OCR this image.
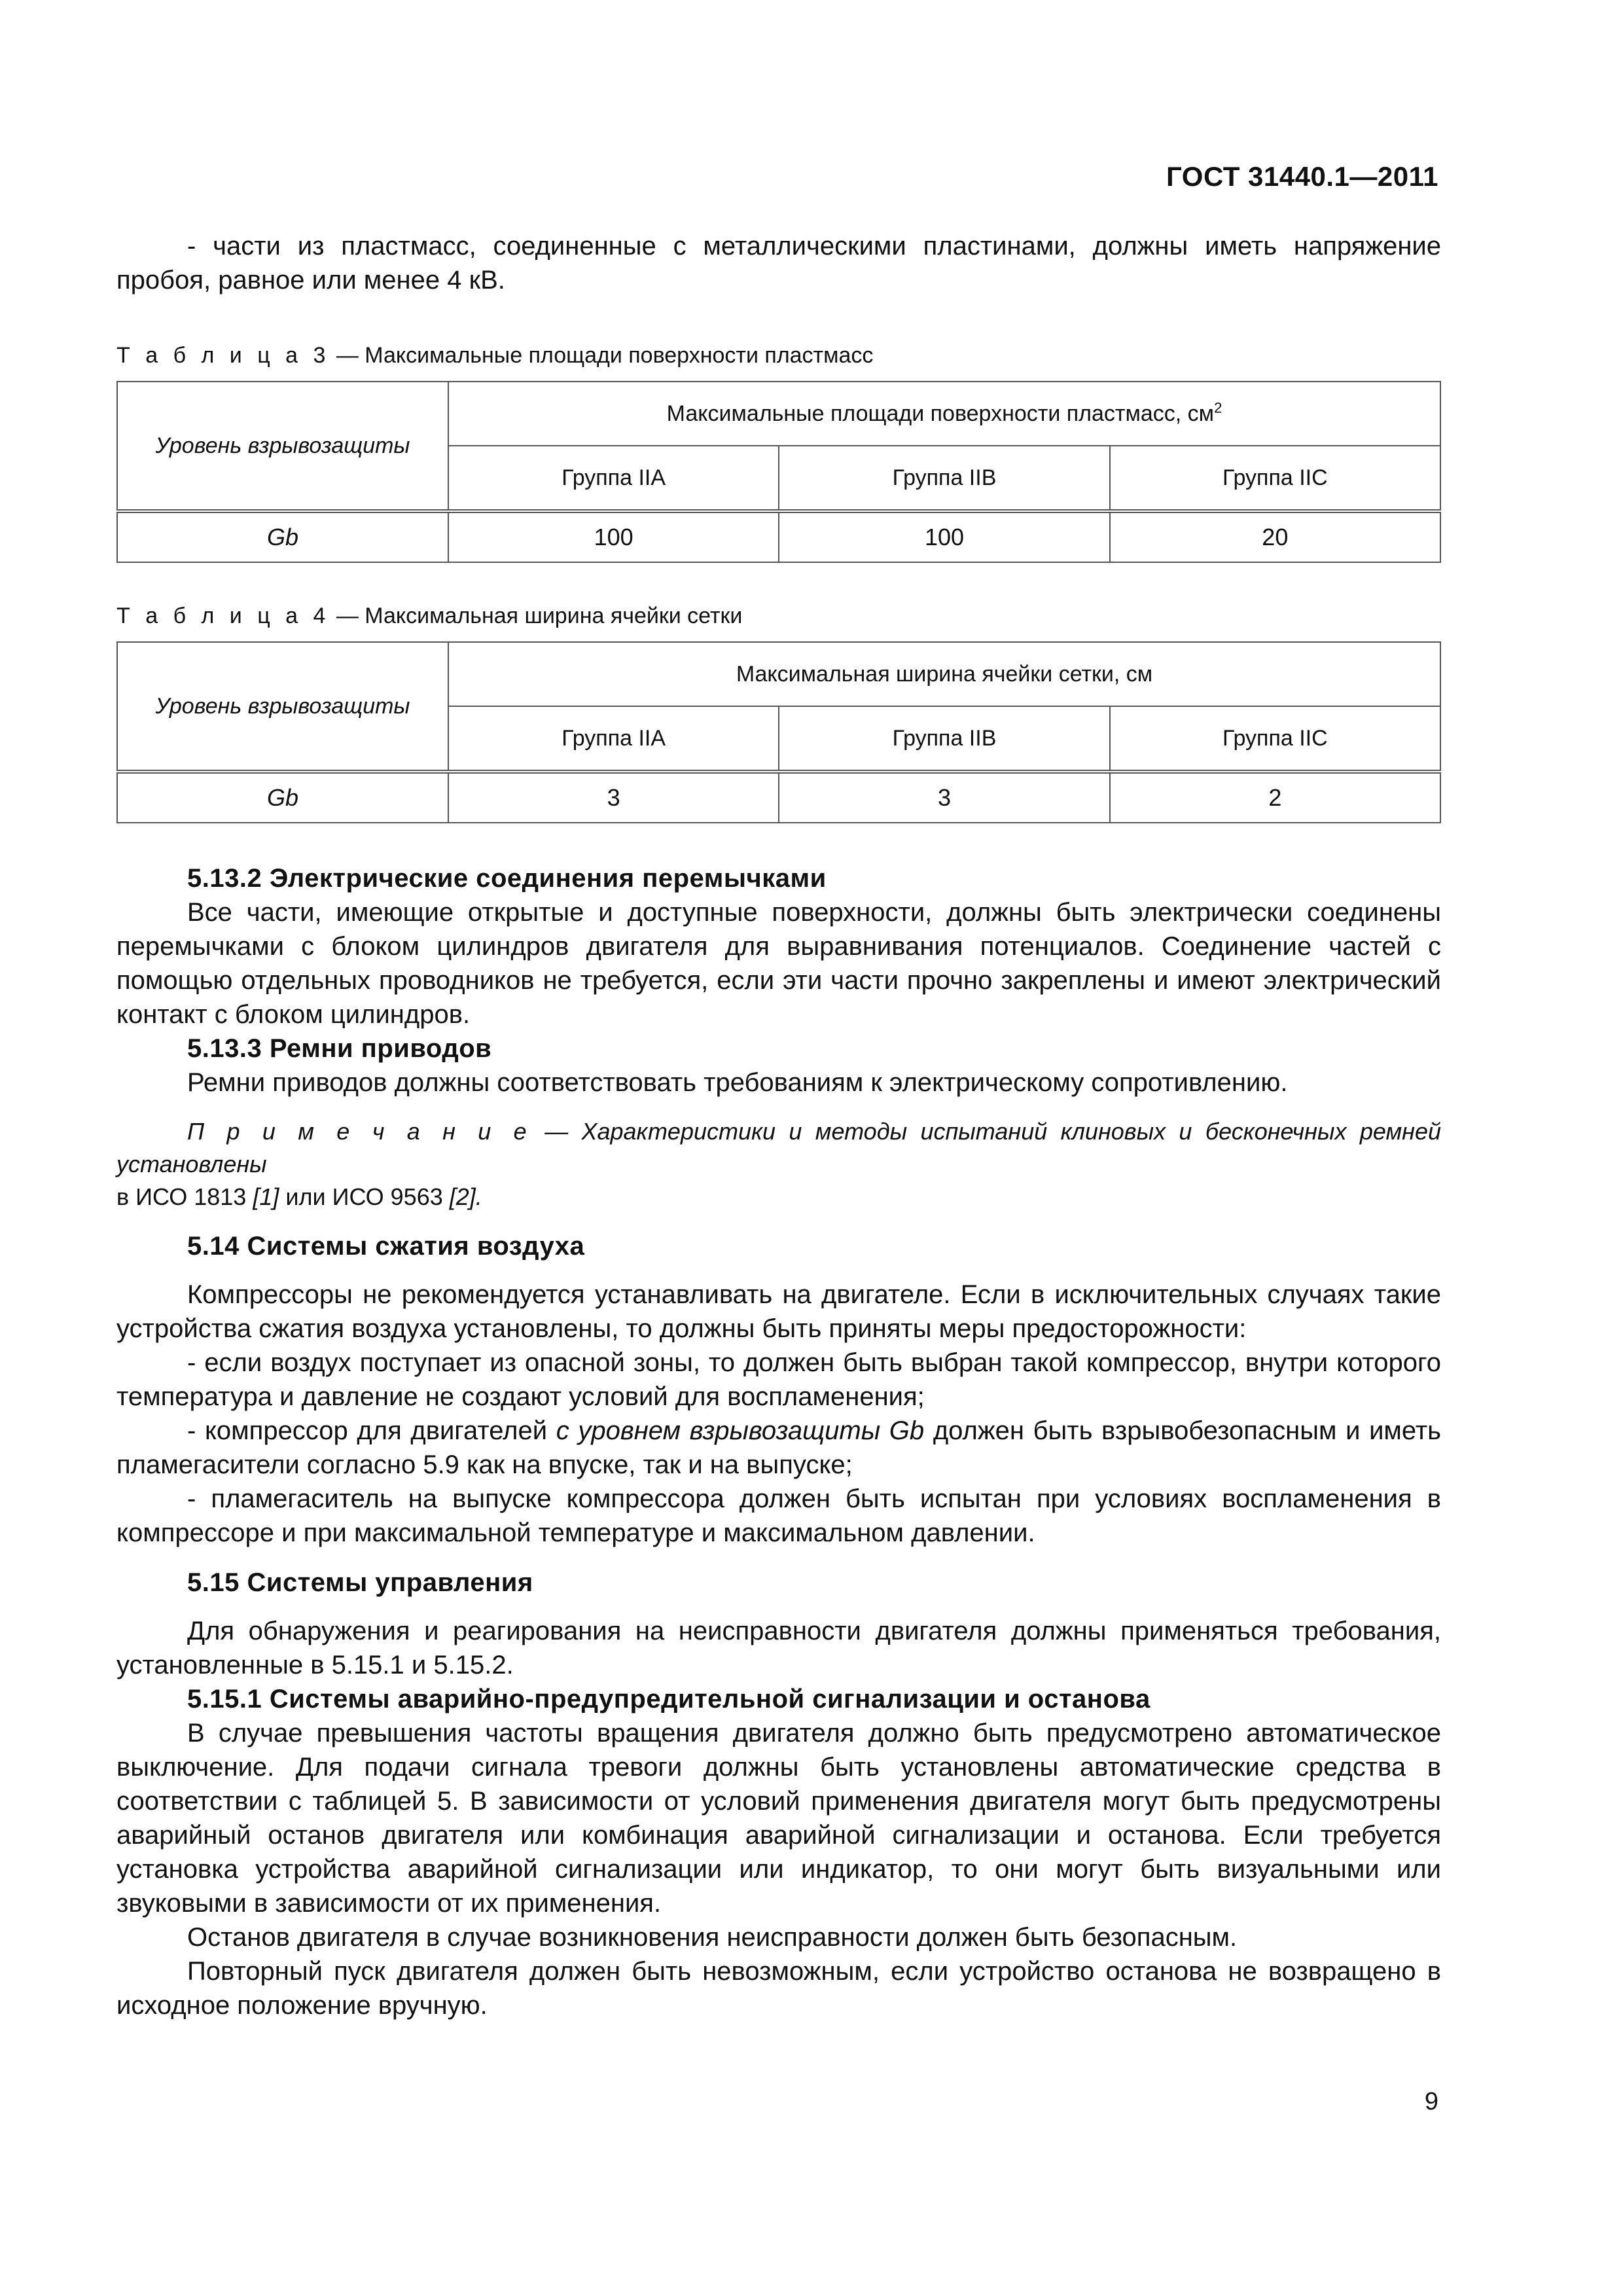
ГОСТ 31440.1—2011

- части из пластмасс, соединенные с металлическими пластинами, должны иметь напряжение пробоя, равное или менее 4 кВ.

Т а б л и ц а 3 — Максимальные площади поверхности пластмасс

Уровень взрывозащиты	Максимальные площади поверхности пластмасс, $см^2$
	Группа IIA	Группа IIB	Группа IIC
Gb	100	100	20

Т а б л и ц а 4 — Максимальная ширина ячейки сетки

Уровень взрывозащиты	Максимальная ширина ячейки сетки, см		
	Группа IIA	Группа IIB	Группа IIC
Gb	3	3	2
5.13.2 Электрические соединения перемычками

Все части, имеющие открытые и доступные поверхности, должны быть электрически соединены перемычками с блоком цилиндров двигателя для выравнивания потенциалов. Соединение частей с помощью отдельных проводников не требуется, если эти части прочно закреплены и имеют электрический контакт с блоком цилиндров.

5.13.3 Ремни приводов

Ремни приводов должны соответствовать требованиям к электрическому сопротивлению.

П р и м е ч а н и е — Характеристики и методы испытаний клиновых и бесконечных ремней установлены
в ИСО 1813 [1] или ИСО 9563 [2].

5.14 Системы сжатия воздуха

Компрессоры не рекомендуется устанавливать на двигателе. Если в исключительных случаях такие устройства сжатия воздуха установлены, то должны быть приняты меры предосторожности:

- если воздух поступает из опасной зоны, то должен быть выбран такой компрессор, внутри которого температура и давление не создают условий для воспламенения;

- компрессор для двигателей с уровнем взрывозащиты Gb должен быть взрывобезопасным и иметь пламегасители согласно 5.9 как на впуске, так и на выпуске;

- пламегаситель на выпуске компрессора должен быть испытан при условиях воспламенения в компрессоре и при максимальной температуре и максимальном давлении.

5.15 Системы управления

Для обнаружения и реагирования на неисправности двигателя должны применяться требования, установленные в 5.15.1 и 5.15.2.

5.15.1 Системы аварийно-предупредительной сигнализации и останова

В случае превышения частоты вращения двигателя должно быть предусмотрено автоматическое выключение. Для подачи сигнала тревоги должны быть установлены автоматические средства в соответствии с таблицей 5. В зависимости от условий применения двигателя могут быть предусмотрены аварийный останов двигателя или комбинация аварийной сигнализации и останова. Если требуется установка устройства аварийной сигнализации или индикатор, то они могут быть визуальными или звуковыми в зависимости от их применения.

Останов двигателя в случае возникновения неисправности должен быть безопасным.

Повторный пуск двигателя должен быть невозможным, если устройство останова не возвращено в исходное положение вручную.

9
